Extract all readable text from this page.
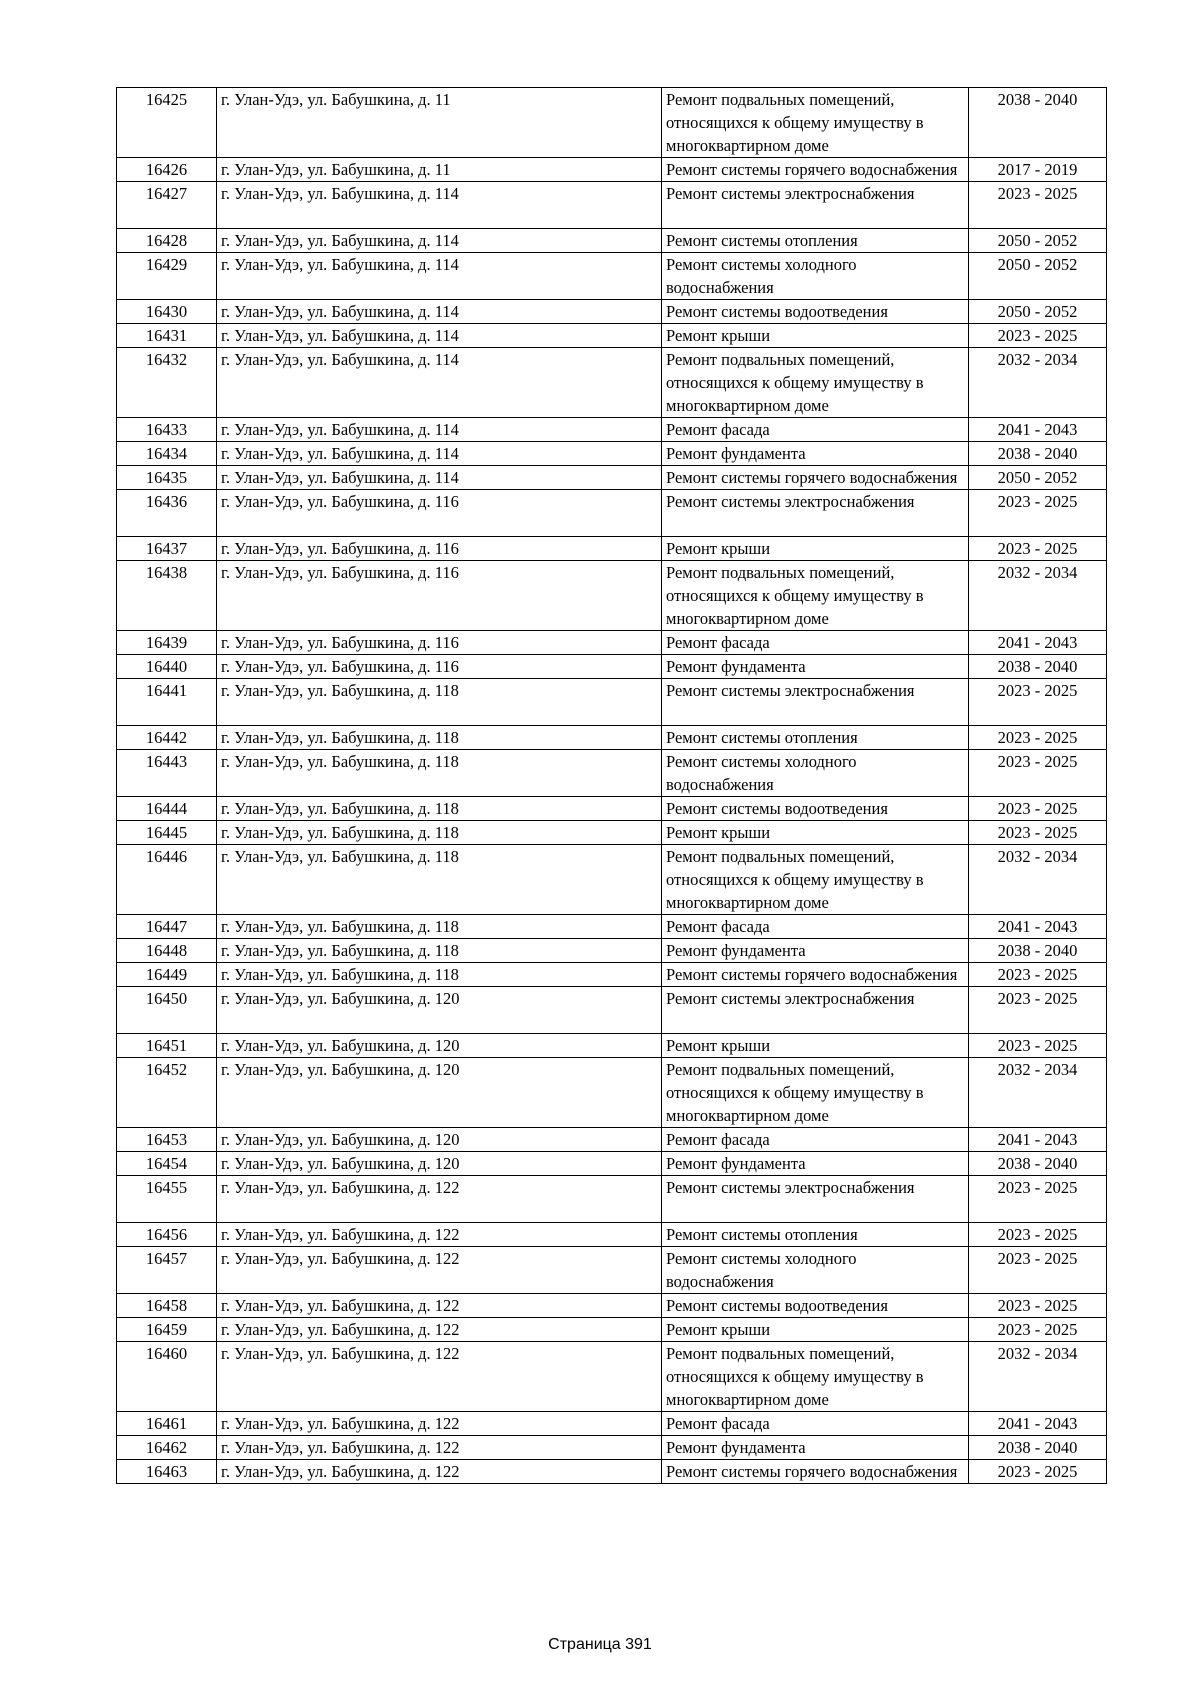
16425	г. Улан-Удэ, ул. Бабушкина, д. 11	Ремонт подвальных помещений, относящихся к общему имуществу в многоквартирном доме	2038 - 2040
16426	г. Улан-Удэ, ул. Бабушкина, д. 11	Ремонт системы горячего водоснабжения	2017 - 2019
16427	г. Улан-Удэ, ул. Бабушкина, д. 114	Ремонт системы электроснабжения	2023 - 2025
16428	г. Улан-Удэ, ул. Бабушкина, д. 114	Ремонт системы отопления	2050 - 2052
16429	г. Улан-Удэ, ул. Бабушкина, д. 114	Ремонт системы холодного водоснабжения	2050 - 2052
16430	г. Улан-Удэ, ул. Бабушкина, д. 114	Ремонт системы водоотведения	2050 - 2052
16431	г. Улан-Удэ, ул. Бабушкина, д. 114	Ремонт крыши	2023 - 2025
16432	г. Улан-Удэ, ул. Бабушкина, д. 114	Ремонт подвальных помещений, относящихся к общему имуществу в многоквартирном доме	2032 - 2034
16433	г. Улан-Удэ, ул. Бабушкина, д. 114	Ремонт фасада	2041 - 2043
16434	г. Улан-Удэ, ул. Бабушкина, д. 114	Ремонт фундамента	2038 - 2040
16435	г. Улан-Удэ, ул. Бабушкина, д. 114	Ремонт системы горячего водоснабжения	2050 - 2052
16436	г. Улан-Удэ, ул. Бабушкина, д. 116	Ремонт системы электроснабжения	2023 - 2025
16437	г. Улан-Удэ, ул. Бабушкина, д. 116	Ремонт крыши	2023 - 2025
16438	г. Улан-Удэ, ул. Бабушкина, д. 116	Ремонт подвальных помещений, относящихся к общему имуществу в многоквартирном доме	2032 - 2034
16439	г. Улан-Удэ, ул. Бабушкина, д. 116	Ремонт фасада	2041 - 2043
16440	г. Улан-Удэ, ул. Бабушкина, д. 116	Ремонт фундамента	2038 - 2040
16441	г. Улан-Удэ, ул. Бабушкина, д. 118	Ремонт системы электроснабжения	2023 - 2025
16442	г. Улан-Удэ, ул. Бабушкина, д. 118	Ремонт системы отопления	2023 - 2025
16443	г. Улан-Удэ, ул. Бабушкина, д. 118	Ремонт системы холодного водоснабжения	2023 - 2025
16444	г. Улан-Удэ, ул. Бабушкина, д. 118	Ремонт системы водоотведения	2023 - 2025
16445	г. Улан-Удэ, ул. Бабушкина, д. 118	Ремонт крыши	2023 - 2025
16446	г. Улан-Удэ, ул. Бабушкина, д. 118	Ремонт подвальных помещений, относящихся к общему имуществу в многоквартирном доме	2032 - 2034
16447	г. Улан-Удэ, ул. Бабушкина, д. 118	Ремонт фасада	2041 - 2043
16448	г. Улан-Удэ, ул. Бабушкина, д. 118	Ремонт фундамента	2038 - 2040
16449	г. Улан-Удэ, ул. Бабушкина, д. 118	Ремонт системы горячего водоснабжения	2023 - 2025
16450	г. Улан-Удэ, ул. Бабушкина, д. 120	Ремонт системы электроснабжения	2023 - 2025
16451	г. Улан-Удэ, ул. Бабушкина, д. 120	Ремонт крыши	2023 - 2025
16452	г. Улан-Удэ, ул. Бабушкина, д. 120	Ремонт подвальных помещений, относящихся к общему имуществу в многоквартирном доме	2032 - 2034
16453	г. Улан-Удэ, ул. Бабушкина, д. 120	Ремонт фасада	2041 - 2043
16454	г. Улан-Удэ, ул. Бабушкина, д. 120	Ремонт фундамента	2038 - 2040
16455	г. Улан-Удэ, ул. Бабушкина, д. 122	Ремонт системы электроснабжения	2023 - 2025
16456	г. Улан-Удэ, ул. Бабушкина, д. 122	Ремонт системы отопления	2023 - 2025
16457	г. Улан-Удэ, ул. Бабушкина, д. 122	Ремонт системы холодного водоснабжения	2023 - 2025
16458	г. Улан-Удэ, ул. Бабушкина, д. 122	Ремонт системы водоотведения	2023 - 2025
16459	г. Улан-Удэ, ул. Бабушкина, д. 122	Ремонт крыши	2023 - 2025
16460	г. Улан-Удэ, ул. Бабушкина, д. 122	Ремонт подвальных помещений, относящихся к общему имуществу в многоквартирном доме	2032 - 2034
16461	г. Улан-Удэ, ул. Бабушкина, д. 122	Ремонт фасада	2041 - 2043
16462	г. Улан-Удэ, ул. Бабушкина, д. 122	Ремонт фундамента	2038 - 2040
16463	г. Улан-Удэ, ул. Бабушкина, д. 122	Ремонт системы горячего водоснабжения	2023 - 2025
Страница 391
